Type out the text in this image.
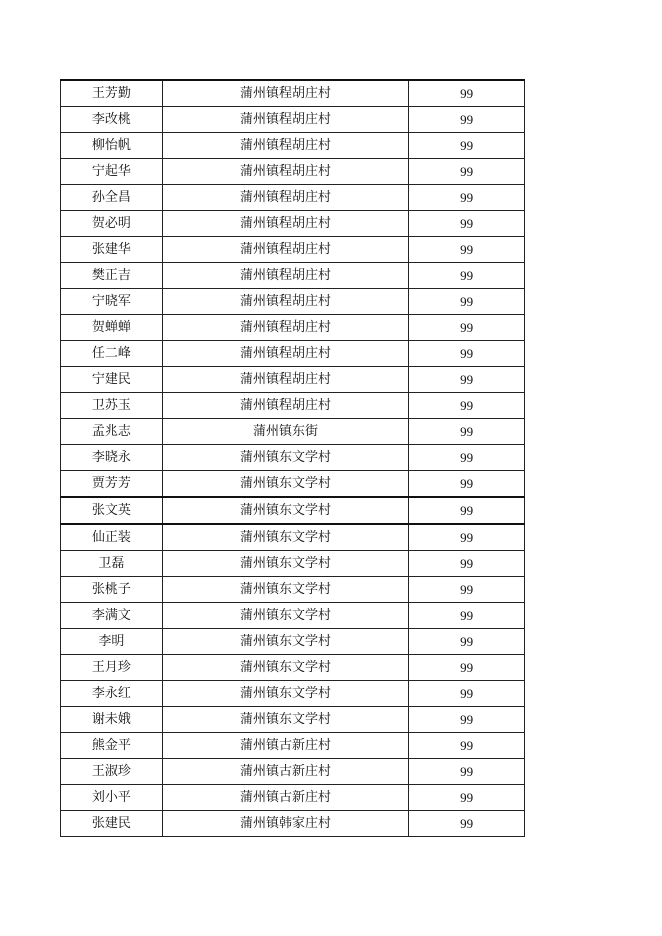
王芳勤	蒲州镇程胡庄村	99
李改桃	蒲州镇程胡庄村	99
柳怡帆	蒲州镇程胡庄村	99
宁起华	蒲州镇程胡庄村	99
孙全昌	蒲州镇程胡庄村	99
贺必明	蒲州镇程胡庄村	99
张建华	蒲州镇程胡庄村	99
樊正吉	蒲州镇程胡庄村	99
宁晓军	蒲州镇程胡庄村	99
贺蝉蝉	蒲州镇程胡庄村	99
任二峰	蒲州镇程胡庄村	99
宁建民	蒲州镇程胡庄村	99
卫苏玉	蒲州镇程胡庄村	99
孟兆志	蒲州镇东街	99
李晓永	蒲州镇东文学村	99
贾芳芳	蒲州镇东文学村	99
张文英	蒲州镇东文学村	99
仙正装	蒲州镇东文学村	99
卫磊	蒲州镇东文学村	99
张桃子	蒲州镇东文学村	99
李满文	蒲州镇东文学村	99
李明	蒲州镇东文学村	99
王月珍	蒲州镇东文学村	99
李永红	蒲州镇东文学村	99
谢未娥	蒲州镇东文学村	99
熊金平	蒲州镇古新庄村	99
王淑珍	蒲州镇古新庄村	99
刘小平	蒲州镇古新庄村	99
张建民	蒲州镇韩家庄村	99
